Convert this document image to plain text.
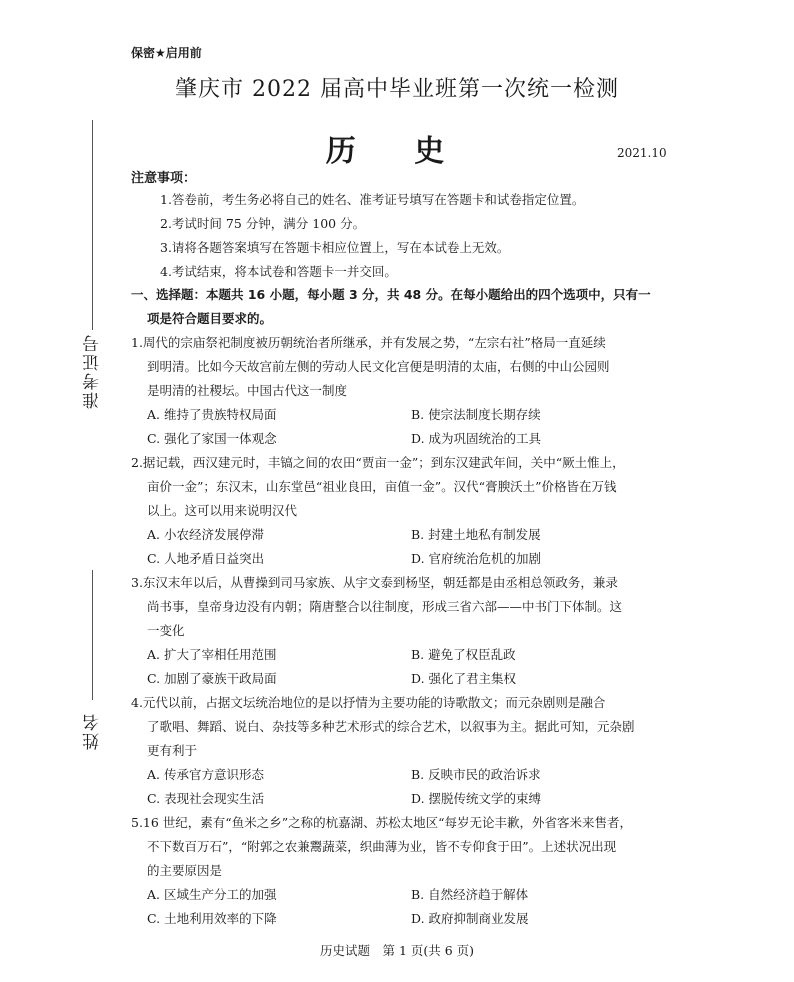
准考证号
姓名
保密★启用前
肇庆市 2022 届高中毕业班第一次统一检测
历 史	2021.10
注意事项：
1.答卷前，考生务必将自己的姓名、准考证号填写在答题卡和试卷指定位置。
2.考试时间 75 分钟，满分 100 分。
3.请将各题答案填写在答题卡相应位置上，写在本试卷上无效。
4.考试结束，将本试卷和答题卡一并交回。
一、选择题：本题共 16 小题，每小题 3 分，共 48 分。在每小题给出的四个选项中，只有一
项是符合题目要求的。
1.周代的宗庙祭祀制度被历朝统治者所继承，并有发展之势，“左宗右社”格局一直延续
到明清。比如今天故宫前左侧的劳动人民文化宫便是明清的太庙，右侧的中山公园则
是明清的社稷坛。中国古代这一制度
A. 维持了贵族特权局面	B. 使宗法制度长期存续
C. 强化了家国一体观念	D. 成为巩固统治的工具
2.据记载，西汉建元时，丰镐之间的农田“贾亩一金”；到东汉建武年间，关中“厥土惟上，
亩价一金”；东汉末，山东堂邑“祖业良田，亩值一金”。汉代“膏腴沃土”价格皆在万钱
以上。这可以用来说明汉代
A. 小农经济发展停滞	B. 封建土地私有制发展
C. 人地矛盾日益突出	D. 官府统治危机的加剧
3.东汉末年以后，从曹操到司马家族、从宇文泰到杨坚，朝廷都是由丞相总领政务，兼录
尚书事，皇帝身边没有内朝；隋唐整合以往制度，形成三省六部——中书门下体制。这
一变化
A. 扩大了宰相任用范围	B. 避免了权臣乱政
C. 加剧了豪族干政局面	D. 强化了君主集权
4.元代以前，占据文坛统治地位的是以抒情为主要功能的诗歌散文；而元杂剧则是融合
了歌唱、舞蹈、说白、杂技等多种艺术形式的综合艺术，以叙事为主。据此可知，元杂剧
更有利于
A. 传承官方意识形态	B. 反映市民的政治诉求
C. 表现社会现实生活	D. 摆脱传统文学的束缚
5.16 世纪，素有“鱼米之乡”之称的杭嘉湖、苏松太地区“每岁无论丰歉，外省客米来售者，
不下数百万石”，“附郭之农兼鬻蔬菜，织曲薄为业，皆不专仰食于田”。上述状况出现
的主要原因是
A. 区域生产分工的加强	B. 自然经济趋于解体
C. 土地利用效率的下降	D. 政府抑制商业发展
历史试题　第 1 页(共 6 页)
